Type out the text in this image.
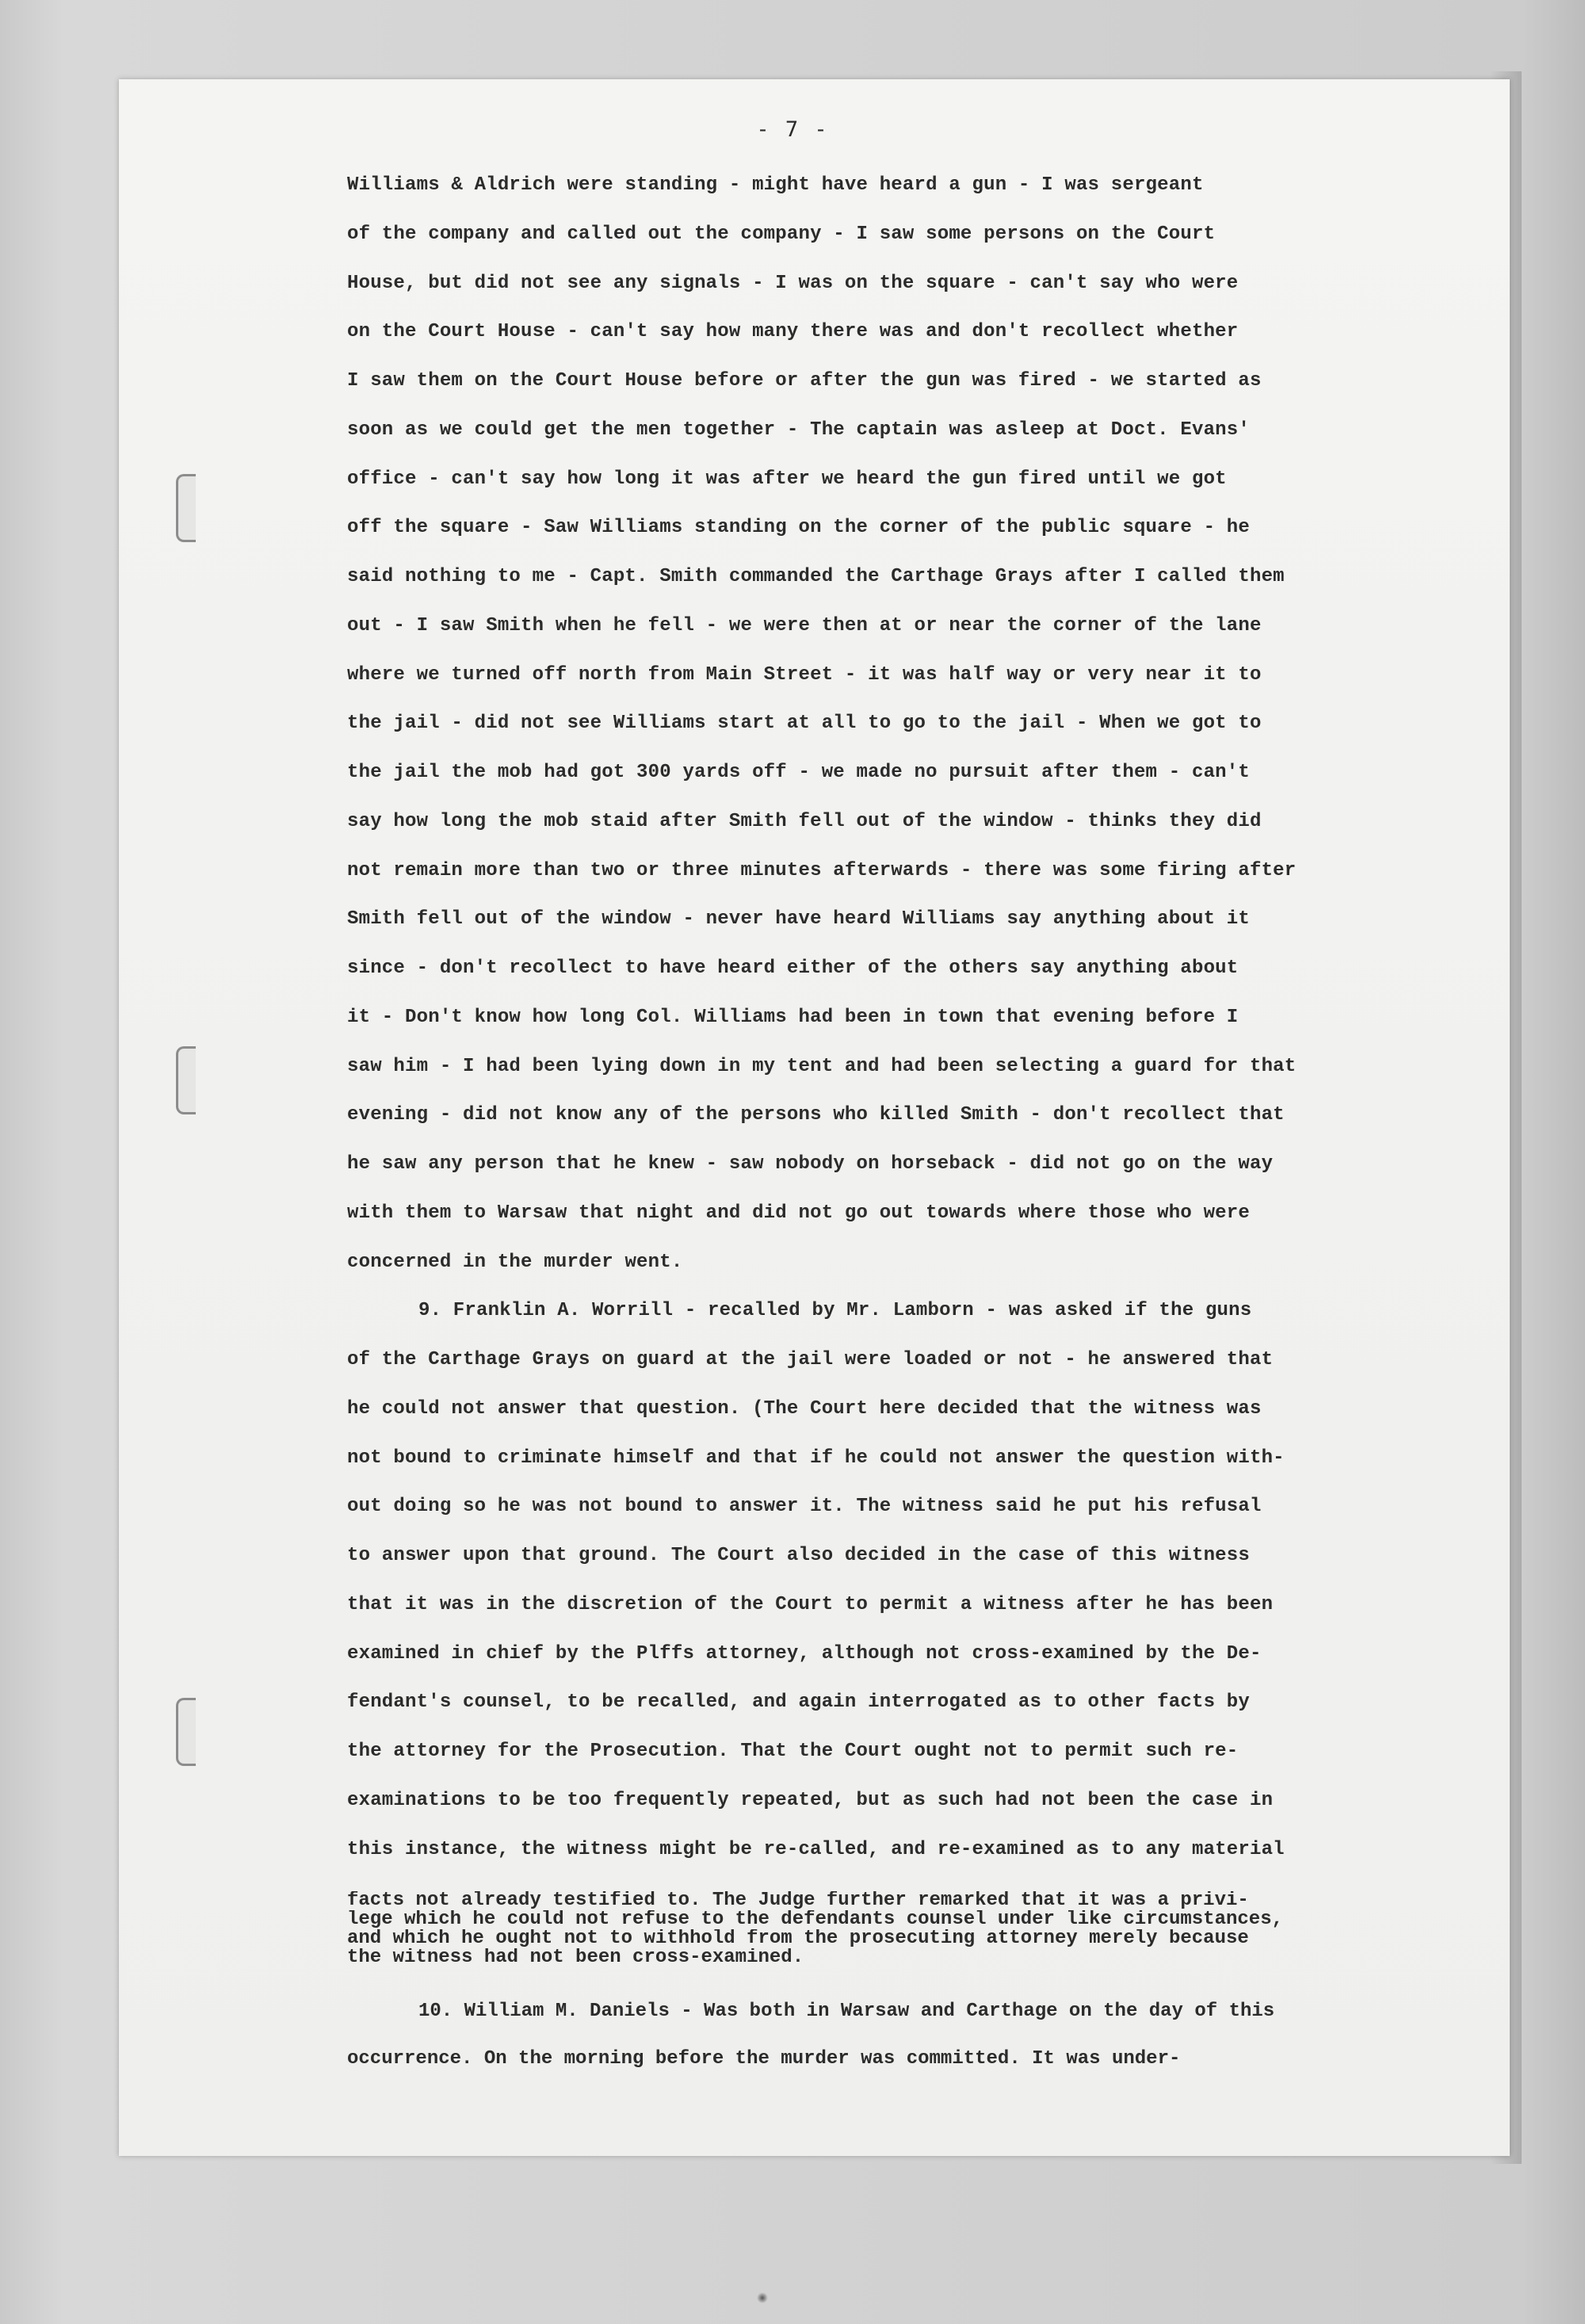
- 7 -
Williams & Aldrich were standing - might have heard a gun - I was sergeant
of the company and called out the company - I saw some persons on the Court
House, but did not see any signals - I was on the square - can't say who were
on the Court House - can't say how many there was and don't recollect whether
I saw them on the Court House before or after the gun was fired - we started as
soon as we could get the men together - The captain was asleep at Doct. Evans'
office - can't say how long it was after we heard the gun fired until we got
off the square - Saw Williams standing on the corner of the public square - he
said nothing to me - Capt. Smith commanded the Carthage Grays after I called them
out - I saw Smith when he fell - we were then at or near the corner of the lane
where we turned off north from Main Street - it was half way or very near it to
the jail - did not see Williams start at all to go to the jail - When we got to
the jail the mob had got 300 yards off - we made no pursuit after them - can't
say how long the mob staid after Smith fell out of the window - thinks they did
not remain more than two or three minutes afterwards - there was some firing after
Smith fell out of the window - never have heard Williams say anything about it
since - don't recollect to have heard either of the others say anything about
it - Don't know how long Col. Williams had been in town that evening before I
saw him - I had been lying down in my tent and had been selecting a guard for that
evening - did not know any of the persons who killed Smith - don't recollect that
he saw any person that he knew - saw nobody on horseback - did not go on the way
with them to Warsaw that night and did not go out towards where those who were
concerned in the murder went.
9. Franklin A. Worrill - recalled by Mr. Lamborn - was asked if the guns
of the Carthage Grays on guard at the jail were loaded or not - he answered that
he could not answer that question. (The Court here decided that the witness was
not bound to criminate himself and that if he could not answer the question with-
out doing so he was not bound to answer it. The witness said he put his refusal
to answer upon that ground. The Court also decided in the case of this witness
that it was in the discretion of the Court to permit a witness after he has been
examined in chief by the Plffs attorney, although not cross-examined by the De-
fendant's counsel, to be recalled, and again interrogated as to other facts by
the attorney for the Prosecution. That the Court ought not to permit such re-
examinations to be too frequently repeated, but as such had not been the case in
this instance, the witness might be re-called, and re-examined as to any material
facts not already testified to. The Judge further remarked that it was a privi-
lege which he could not refuse to the defendants counsel under like circumstances,
and which he ought not to withhold from the prosecuting attorney merely because
the witness had not been cross-examined.
10. William M. Daniels - Was both in Warsaw and Carthage on the day of this
occurrence. On the morning before the murder was committed. It was under-
